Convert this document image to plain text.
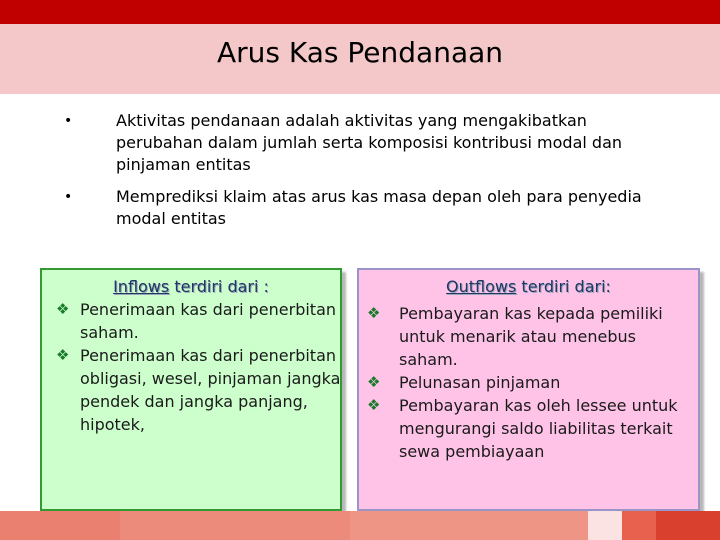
Arus Kas Pendanaan
•	Aktivitas pendanaan adalah aktivitas yang mengakibatkan perubahan dalam jumlah serta komposisi kontribusi modal dan pinjaman entitas
•	Memprediksi klaim atas arus kas masa depan oleh para penyedia modal entitas
Inflows terdiri dari :
❖ Penerimaan kas dari penerbitan saham.
❖ Penerimaan kas dari penerbitan obligasi, wesel, pinjaman jangka pendek dan jangka panjang, hipotek,
Outflows terdiri dari:
❖ Pembayaran kas kepada pemiliki untuk menarik atau menebus saham.
❖ Pelunasan pinjaman
❖ Pembayaran kas oleh lessee untuk mengurangi saldo liabilitas terkait sewa pembiayaan
